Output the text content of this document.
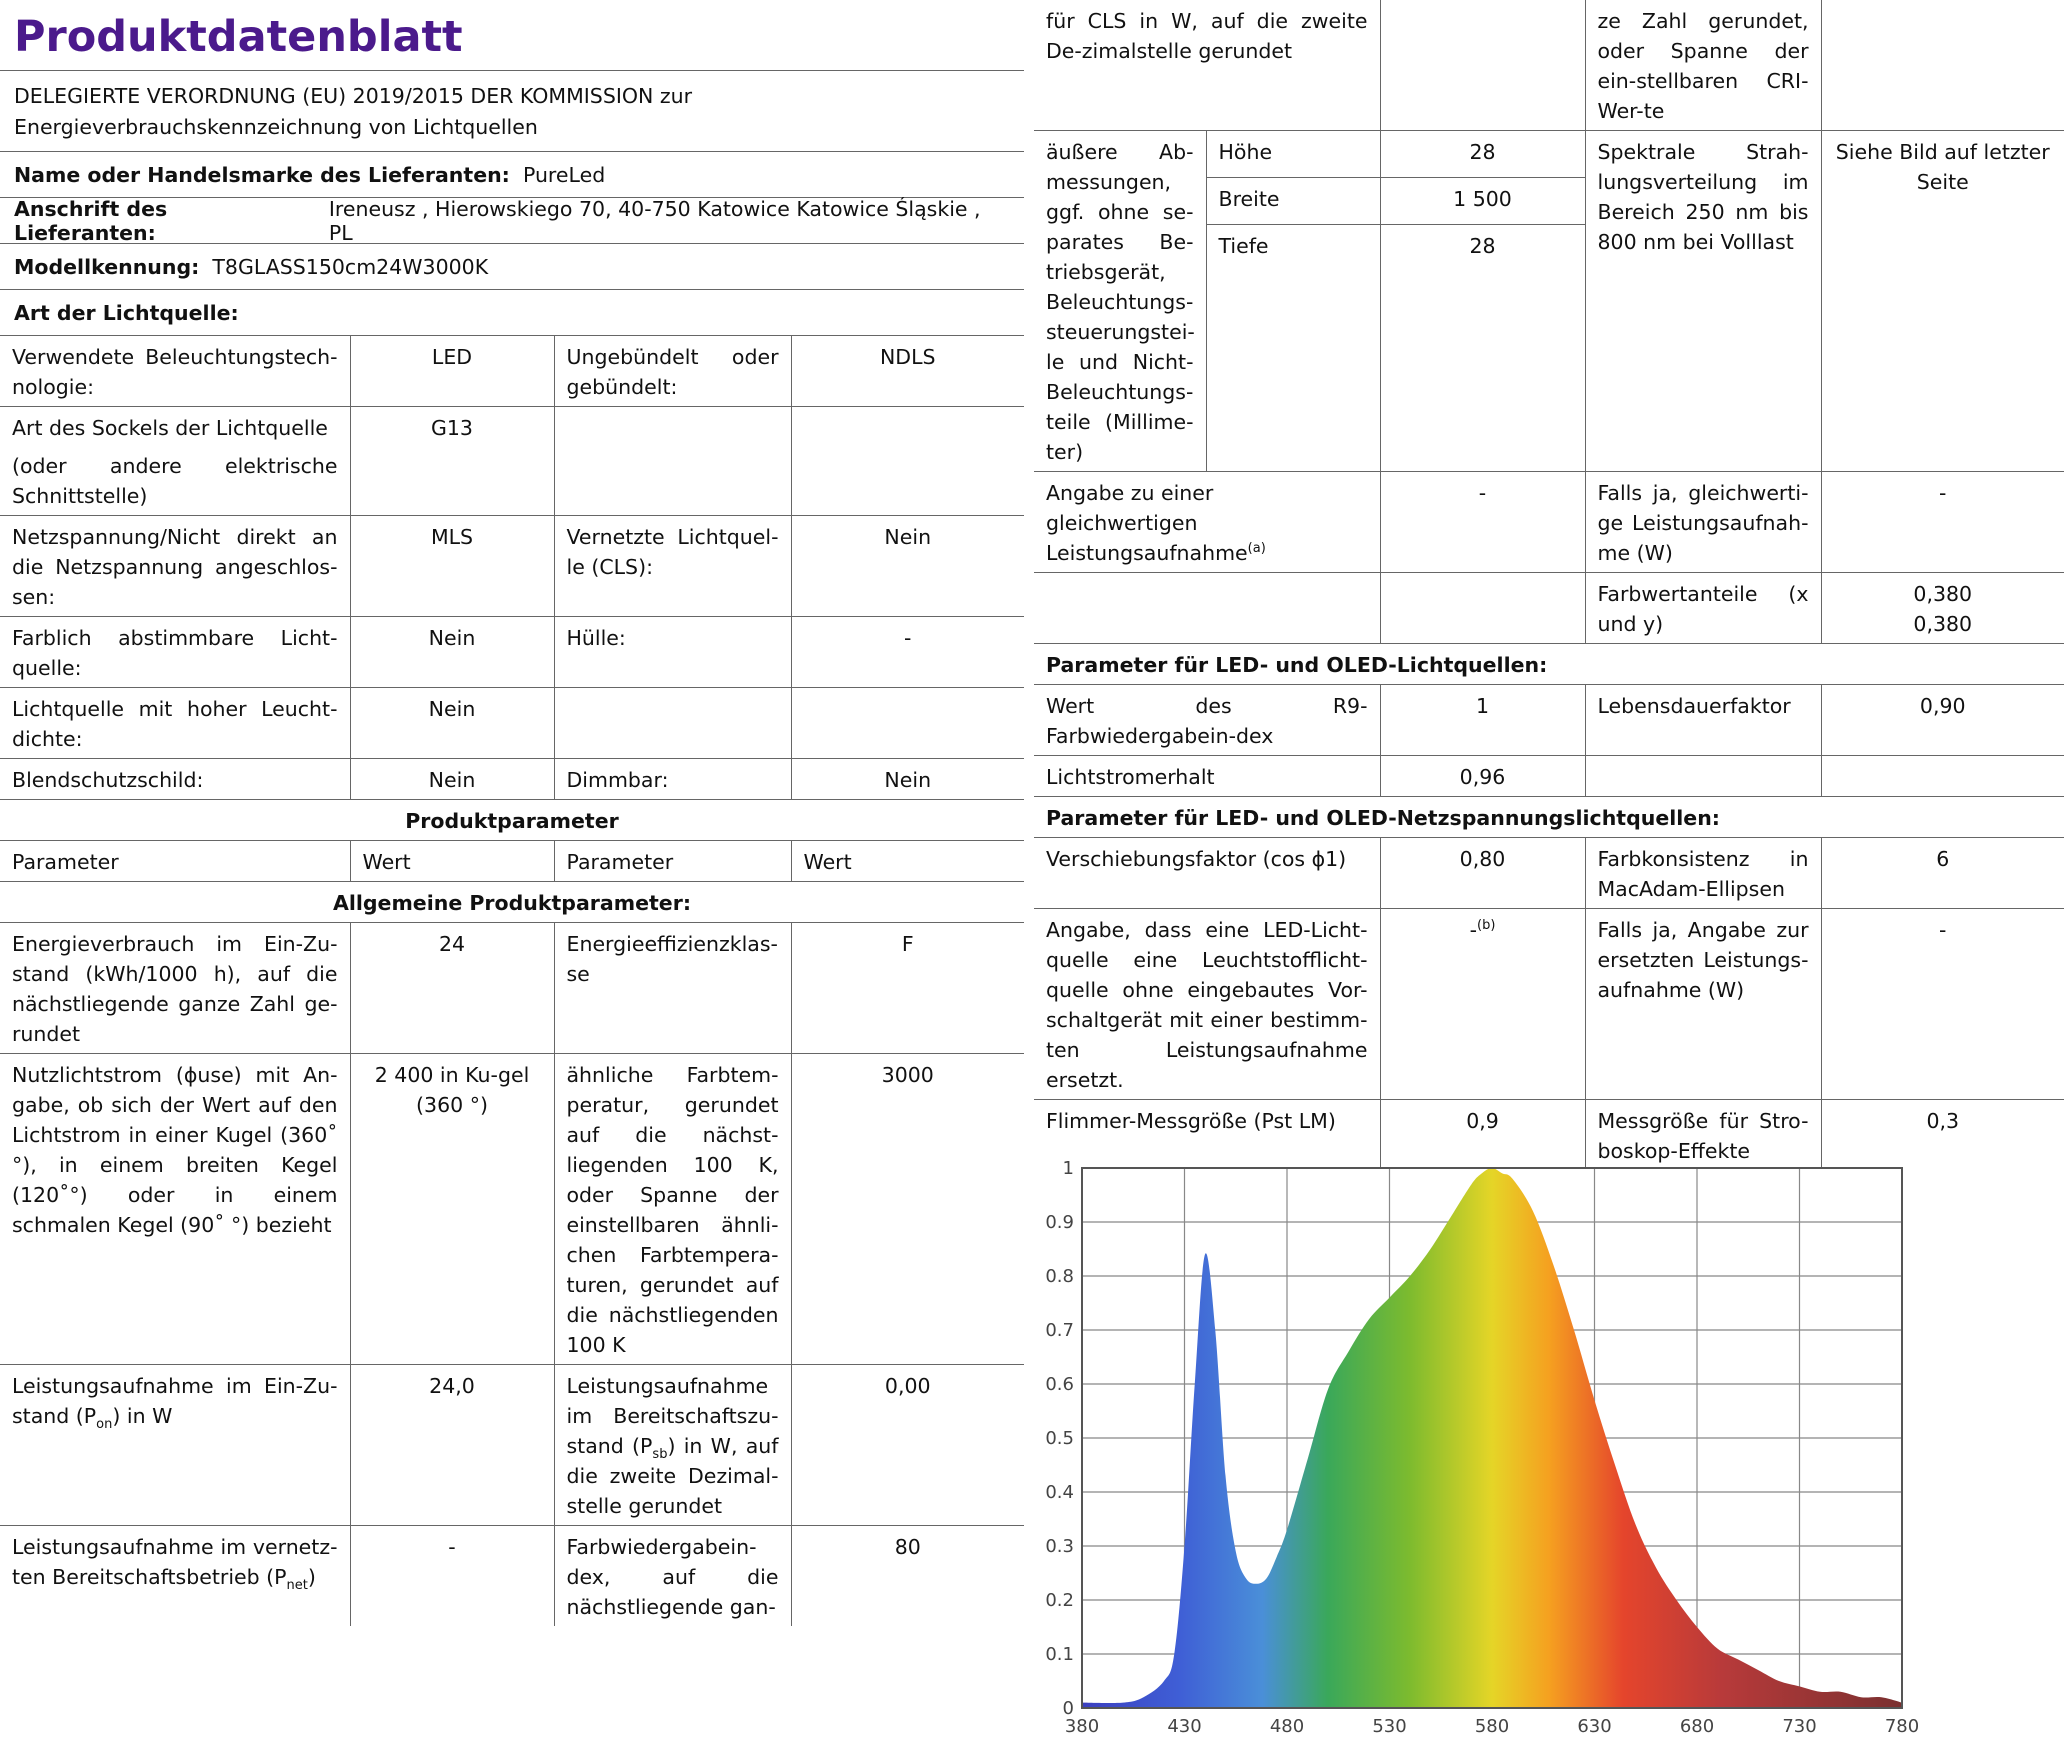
Produktdatenblatt
DELEGIERTE VERORDNUNG (EU) 2019/2015 DER KOMMISSION zur Energieverbrauchskennzeichnung von Lichtquellen
Name oder Handelsmarke des Lieferanten:
PureLed
Anschrift des Lieferanten:

Ireneusz , Hierowskiego 70, 40-750 Katowice Katowice Śląskie , PL
Modellkennung:
T8GLASS150cm24W3000K
Art der Lichtquelle:
Verwendete Beleuchtungstech-nologie:	LED	Ungebündelt oder gebündelt:	NDLS

Art des Sockels der Lichtquelle
(oder andere elektrische Schnittstelle)	G13		
Netzspannung/Nicht direkt an die Netzspannung angeschlos-sen:	MLS	Vernetzte Lichtquel-le (CLS):	Nein
Farblich abstimmbare Licht-quelle:	Nein	Hülle:	-
Lichtquelle mit hoher Leucht-dichte:	Nein		
Blendschutzschild:	Nein	Dimmbar:	Nein
Produktparameter			
Parameter	Wert	Parameter	Wert
Allgemeine Produktparameter:			
Energieverbrauch im Ein-Zu-stand (kWh/1000 h), auf die nächstliegende ganze Zahl ge-rundet	24	Energieeffizienzklas-se	F
Nutzlichtstrom (ϕuse) mit An-gabe, ob sich der Wert auf den Lichtstrom in einer Kugel (360˚ °), in einem breiten Kegel (120˚°) oder in einem schmalen Kegel (90˚ °) bezieht	2 400 in Ku-gel (360 °)	ähnliche Farbtem-peratur, gerundet auf die nächst-liegenden 100 K, oder Spanne der einstellbaren ähnli-chen Farbtempera-turen, gerundet auf die nächstliegenden 100 K	3000
Leistungsaufnahme im Ein-Zu-stand $(P_{on})$ in W	24,0	Leistungsaufnahme im Bereitschaftszu-stand $(P_{sb})$ in W, auf die zweite Dezimal-stelle gerundet	0,00
Leistungsaufnahme im vernetz-ten Bereitschaftsbetrieb $(P_{net})$	-	Farbwiedergabein-dex, auf die nächstliegende gan-	80
für CLS in W, auf die zweite De-zimalstelle gerundet			ze Zahl gerundet, oder Spanne der ein-stellbaren CRI-Wer-te	
äußere Ab-messungen, ggf. ohne se-parates Be-triebsgerät, Beleuchtungs-steuerungstei-le und Nicht-Beleuchtungs-teile (Millime-ter)	Höhe	28	Spektrale Strah-lungsverteilung im Bereich 250 nm bis 800 nm bei Volllast	Siehe Bild auf letzter Seite
	Breite	1 500		
	Tiefe	28		
Angabe zu einer gleichwertigen Leistungsaufnahme$^{(a)}$		-	Falls ja, gleichwerti-ge Leistungsaufnah-me (W)	-
			Farbwertanteile (x und y)	0,380
0,380

Parameter für LED- und OLED-Lichtquellen:				
Wert des R9-Farbwiedergabein-dex		1	Lebensdauerfaktor	0,90
Lichtstromerhalt		0,96		
Parameter für LED- und OLED-Netzspannungslichtquellen:				
Verschiebungsfaktor (cos ϕ1)		0,80	Farbkonsistenz in MacAdam-Ellipsen	6
Angabe, dass eine LED-Licht-quelle eine Leuchtstofflicht-quelle ohne eingebautes Vor-schaltgerät mit einer bestimm-ten Leistungsaufnahme ersetzt.		-$^{(b)}$	Falls ja, Angabe zur ersetzten Leistungs-aufnahme (W)	-
Flimmer-Messgröße (Pst LM)		0,9	Messgröße für Stro-boskop-Effekte	0,3
380	430	480	530	580	630	680	730	780
0
0.1
0.2
0.3
0.4
0.5
0.6
0.7
0.8
0.9
1
